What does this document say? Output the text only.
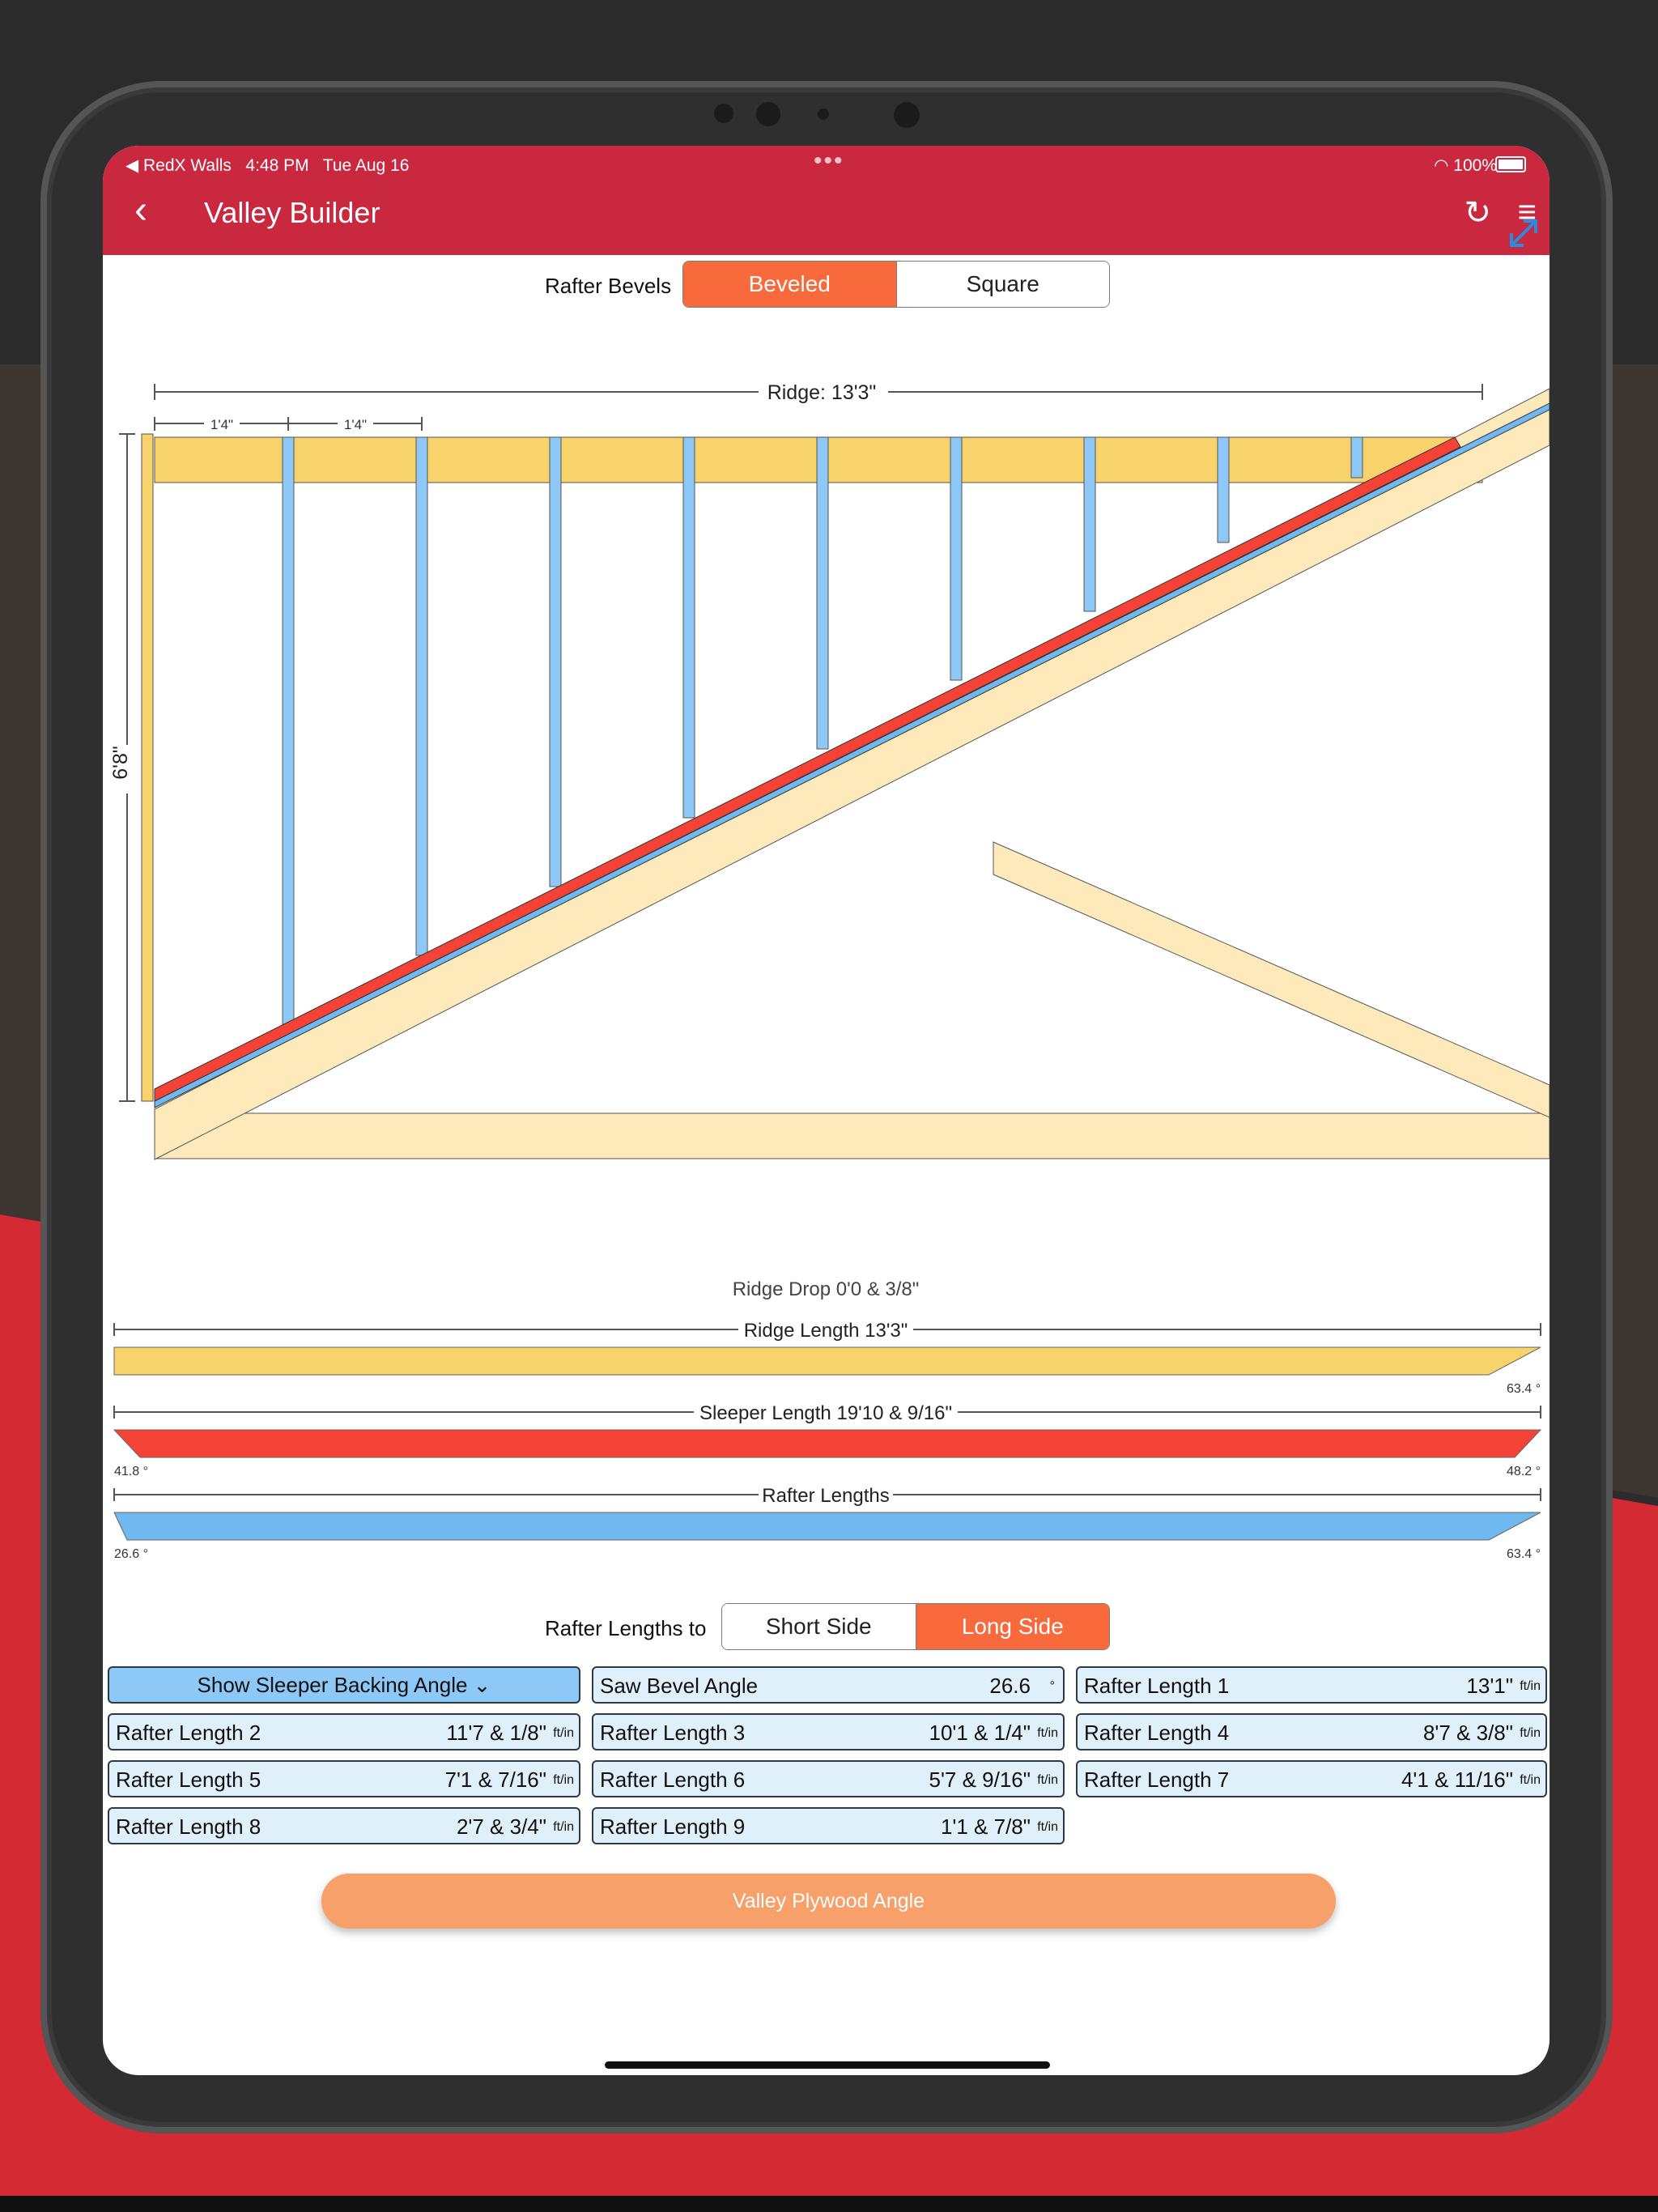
◀ RedX Walls 4:48 PM Tue Aug 16	•••	◠ 100%
‹	Valley Builder	↻ ≡
Rafter Bevels	Beveled	Square
Ridge: 13'3"
1'4"	1'4"
6'8"
Ridge Drop 0'0 & 3/8"
Ridge Length 13'3"
63.4 °
Sleeper Length 19'10 & 9/16"
41.8 °	48.2 °
Rafter Lengths
26.6 °	63.4 °
Rafter Lengths to	Short Side	Long Side
Show Sleeper Backing Angle ⌄	Saw Bevel Angle	26.6 ° Rafter Length 1	13'1" ft/in
Rafter Length 2	11'7 & 1/8" ft/in Rafter Length 3	10'1 & 1/4" ft/in Rafter Length 4	8'7 & 3/8" ft/in
Rafter Length 5	7'1 & 7/16" ft/in Rafter Length 6	5'7 & 9/16" ft/in Rafter Length 7	4'1 & 11/16" ft/in
Rafter Length 8	2'7 & 3/4" ft/in Rafter Length 9	1'1 & 7/8" ft/in
Valley Plywood Angle
